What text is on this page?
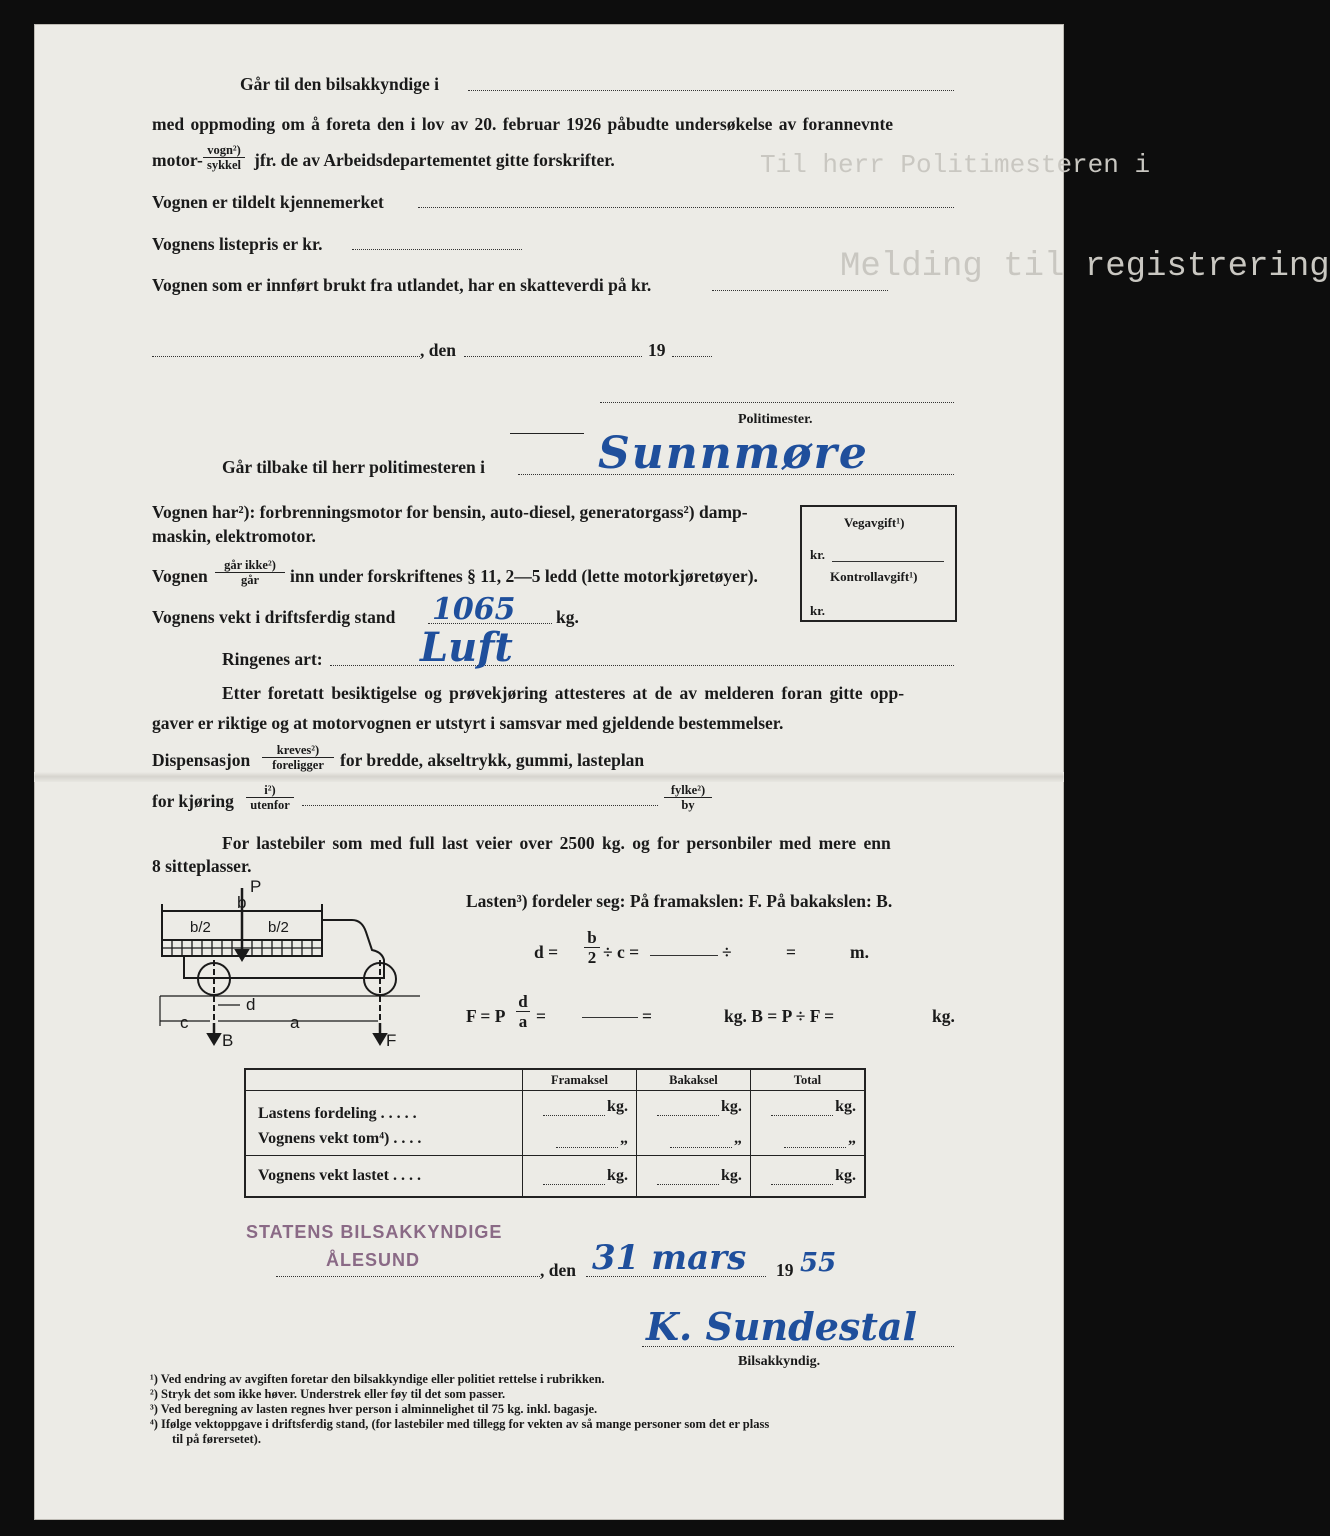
Til herr Politimesteren i
Melding til registrering
Går til den bilsakkyndige i
med oppmoding om å foreta den i lov av 20. februar 1926 påbudte undersøkelse av forannevnte
motor- vogn²)
sykkel jfr. de av Arbeidsdepartementet gitte forskrifter.
Vognen er tildelt kjennemerket
Vognens listepris er kr.
Vognen som er innført brukt fra utlandet, har en skatteverdi på kr.
, den	19
Politimester.
Går tilbake til herr politimesteren i	Sunnmøre
Vognen har²): forbrenningsmotor for bensin, auto-diesel, generatorgass²) damp-
maskin, elektromotor.
Vognen
går ikke²)
går	inn under forskriftenes § 11, 2—5 ledd (lette motorkjøretøyer).
Vognens vekt i driftsferdig stand 1065 kg.
Ringenes art: Luft
Etter foretatt besiktigelse og prøvekjøring attesteres at de av melderen foran gitte opp-
gaver er riktige og at motorvognen er utstyrt i samsvar med gjeldende bestemmelser.
Dispensasjon	kreves²)
foreligger for bredde, akseltrykk, gummi, lasteplan
for kjøring
i²)
utenfor
fylke²)
by
Vegavgift¹)
kr.
Kontrollavgift¹)
kr.
For lastebiler som med full last veier over 2500 kg. og for personbiler med mere enn
8 sitteplasser.
Lasten³) fordeler seg: På framakslen: F. På bakakslen: B.
$d = \frac{b}{2} \div c$ =	÷	=	m.
F = P $\frac{d}{a}$ =	=	kg. B = P ÷ F =	kg.
P
b
b/2	b/2
c	a
d
B	F
	Framaksel	Bakaksel	Total
Lastens fordeling . . . . .	kg.	kg.	kg.

Vognens vekt tom⁴) . . . .	„	„	„

Vognens vekt lastet . . . .	kg.	kg.	kg.
STATENS BILSAKKYNDIGE
ÅLESUND	, den 31 mars 19 55
K. Sundestal
Bilsakkyndig.
¹) Ved endring av avgiften foretar den bilsakkyndige eller politiet rettelse i rubrikken.
²) Stryk det som ikke høver. Understrek eller føy til det som passer.
³) Ved beregning av lasten regnes hver person i alminnelighet til 75 kg. inkl. bagasje.
⁴) Ifølge vektoppgave i driftsferdig stand, (for lastebiler med tillegg for vekten av så mange personer som det er plass
til på førersetet).
